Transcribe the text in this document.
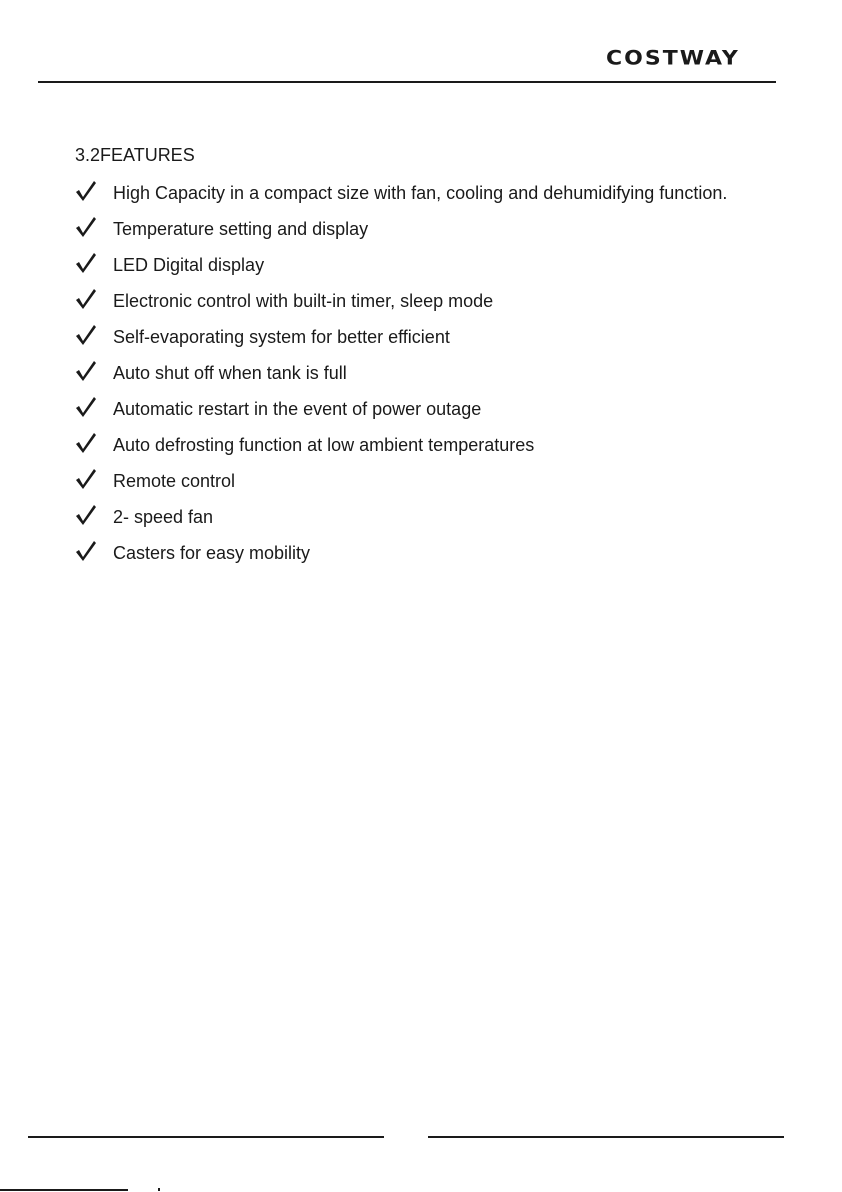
COSTWAY
3.2FEATURES
High Capacity in a compact size with fan, cooling and dehumidifying function.
Temperature setting and display
LED Digital display
Electronic control with built-in timer, sleep mode
Self-evaporating system for better efficient
Auto shut off when tank is full
Automatic restart in the event of power outage
Auto defrosting function at low ambient temperatures
Remote control
2- speed fan
Casters for easy mobility
